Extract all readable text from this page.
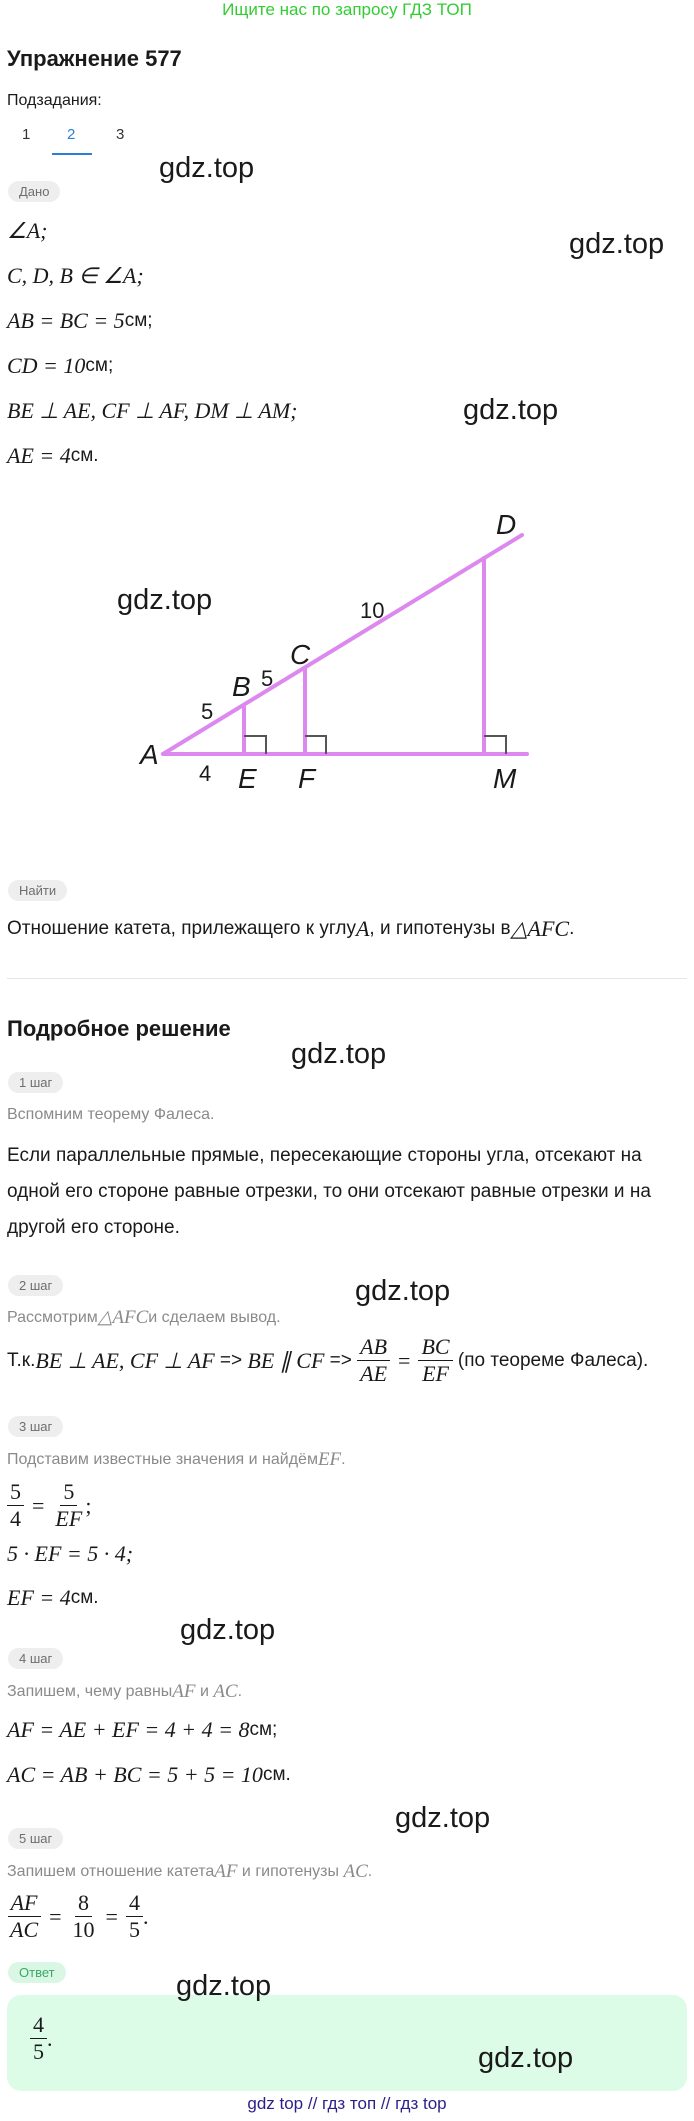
Ищите нас по запросу ГДЗ ТОП
Упражнение 577
Подзадания:
1 2	3
Дано
∠A;
C, D, B ∈ ∠A;
AB = BC = 5 см;
CD = 10 см;
BE ⊥ AE, CF ⊥ AF, DM ⊥ AM;
AE = 4 см.
A
B
C
D
E F	M
5
5
10
4
Найти
Отношение катета, прилежащего к углу A , и гипотенузы в △AFC .
Подробное решение
1 шаг
Вспомним теорему Фалеса.
Если параллельные прямые, пересекающие стороны угла, отсекают на одной его стороне равные отрезки, то они отсекают равные отрезки и на другой его стороне.
2 шаг
Рассмотрим △AFC и сделаем вывод.
Т.к. BE ⊥ AE, CF ⊥ AF => BE ∥ CF => $\frac{AB}{AE} = \frac{BC}{EF} (по$ теореме Фалеса).
3 шаг
Подставим известные значения и найдём EF .
$\frac{5}{4} = \frac{5}{EF}$ ;
5 · EF = 5 · 4;
EF = 4 см.
4 шаг
Запишем, чему равны AF и AC .
AF = AE + EF = 4 + 4 = 8 см;
AC = AB + BC = 5 + 5 = 10 см.
5 шаг
Запишем отношение катета AF и гипотенузы AC .
$\frac{AF}{AC} = \frac{8}{10} = \frac{4}{5}$ .
Ответ
$\frac{4}{5}$ .
gdz.top
gdz.top
gdz.top
gdz.top
gdz.top
gdz.top
gdz.top
gdz.top
gdz.top
gdz.top
gdz top // гдз топ // гдз top
